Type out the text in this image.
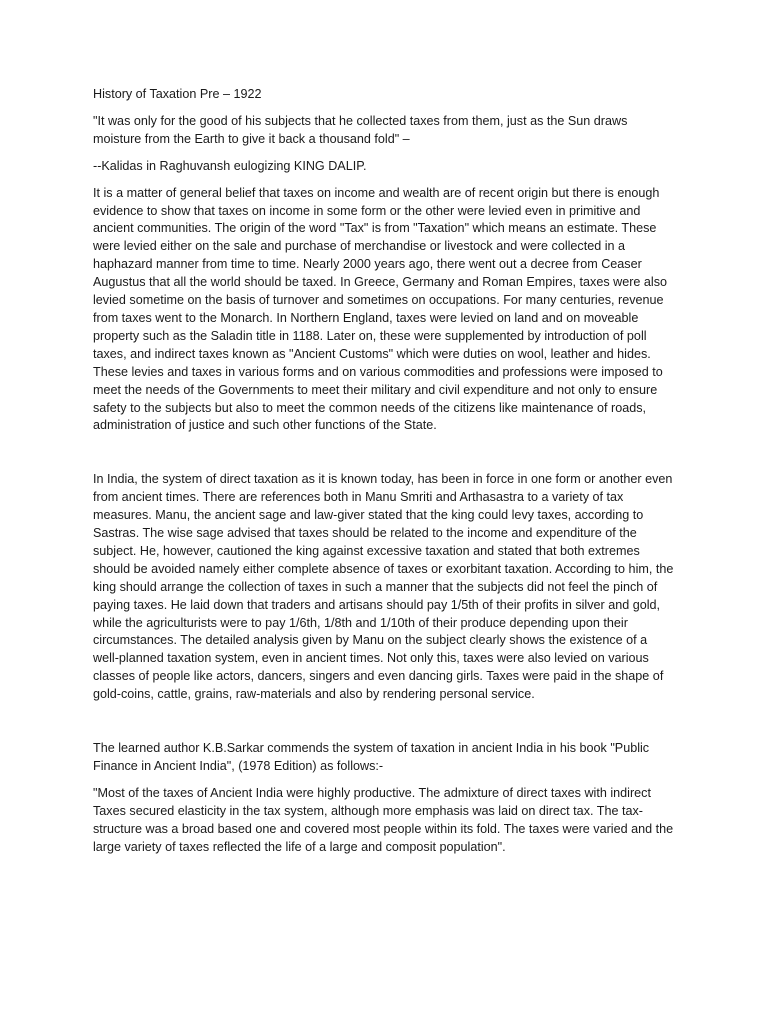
History of Taxation Pre – 1922

"It was only for the good of his subjects that he collected taxes from them, just as the Sun draws moisture from the Earth to give it back a thousand fold" –

--Kalidas in Raghuvansh eulogizing KING DALIP.

It is a matter of general belief that taxes on income and wealth are of recent origin but there is enough evidence to show that taxes on income in some form or the other were levied even in primitive and ancient communities. The origin of the word "Tax" is from "Taxation" which means an estimate. These were levied either on the sale and purchase of merchandise or livestock and were collected in a haphazard manner from time to time. Nearly 2000 years ago, there went out a decree from Ceaser Augustus that all the world should be taxed. In Greece, Germany and Roman Empires, taxes were also levied sometime on the basis of turnover and sometimes on occupations. For many centuries, revenue from taxes went to the Monarch. In Northern England, taxes were levied on land and on moveable property such as the Saladin title in 1188. Later on, these were supplemented by introduction of poll taxes, and indirect taxes known as "Ancient Customs" which were duties on wool, leather and hides. These levies and taxes in various forms and on various commodities and professions were imposed to meet the needs of the Governments to meet their military and civil expenditure and not only to ensure safety to the subjects but also to meet the common needs of the citizens like maintenance of roads, administration of justice and such other functions of the State.

In India, the system of direct taxation as it is known today, has been in force in one form or another even from ancient times. There are references both in Manu Smriti and Arthasastra to a variety of tax measures. Manu, the ancient sage and law-giver stated that the king could levy taxes, according to Sastras. The wise sage advised that taxes should be related to the income and expenditure of the subject. He, however, cautioned the king against excessive taxation and stated that both extremes should be avoided namely either complete absence of taxes or exorbitant taxation. According to him, the king should arrange the collection of taxes in such a manner that the subjects did not feel the pinch of paying taxes. He laid down that traders and artisans should pay 1/5th of their profits in silver and gold, while the agriculturists were to pay 1/6th, 1/8th and 1/10th of their produce depending upon their circumstances. The detailed analysis given by Manu on the subject clearly shows the existence of a well-planned taxation system, even in ancient times. Not only this, taxes were also levied on various classes of people like actors, dancers, singers and even dancing girls. Taxes were paid in the shape of gold-coins, cattle, grains, raw-materials and also by rendering personal service.

The learned author K.B.Sarkar commends the system of taxation in ancient India in his book "Public Finance in Ancient India", (1978 Edition) as follows:-

"Most of the taxes of Ancient India were highly productive. The admixture of direct taxes with indirect Taxes secured elasticity in the tax system, although more emphasis was laid on direct tax. The tax-structure was a broad based one and covered most people within its fold. The taxes were varied and the large variety of taxes reflected the life of a large and composit population".
